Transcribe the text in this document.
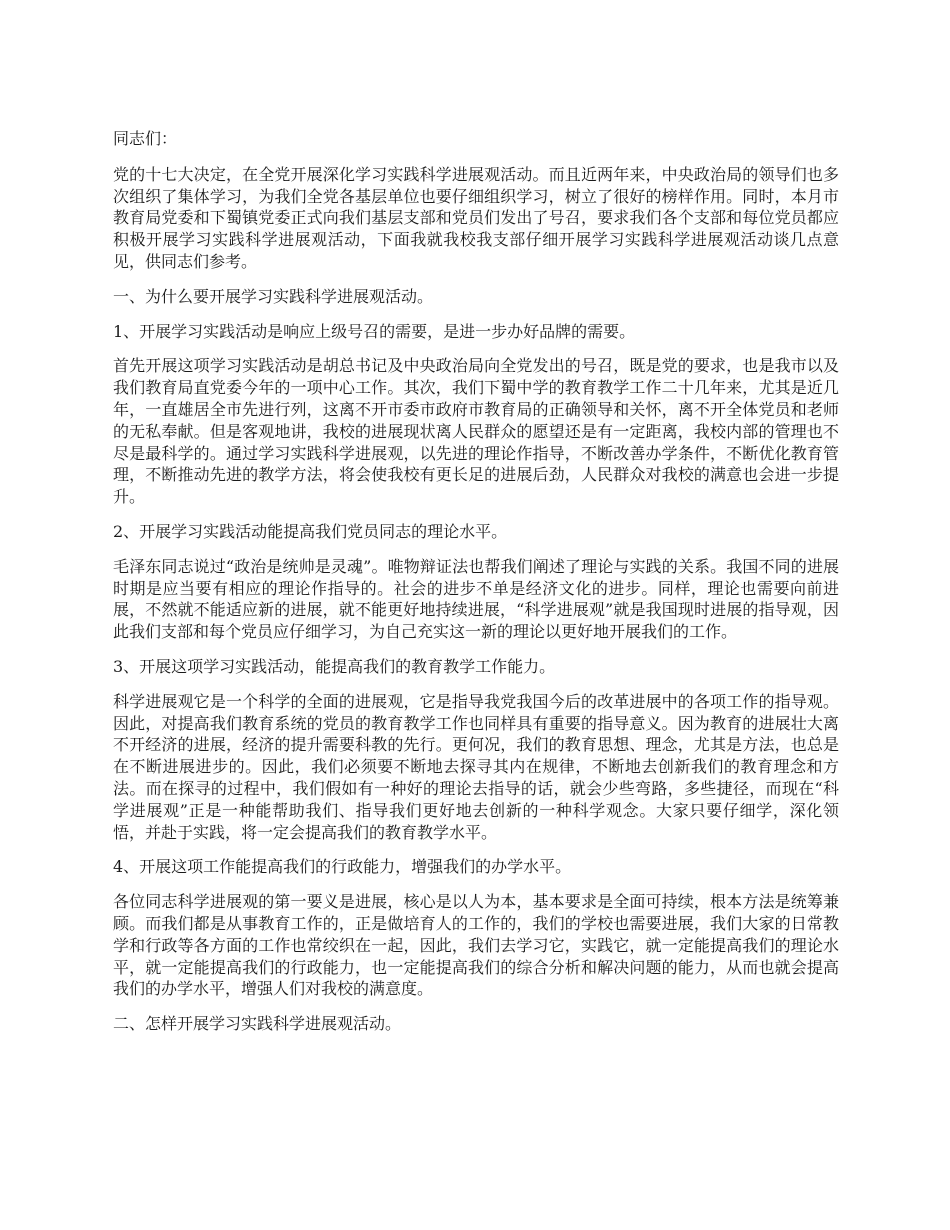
同志们：

党的十七大决定，在全党开展深化学习实践科学进展观活动。而且近两年来，中央政治局的领导们也多次组织了集体学习，为我们全党各基层单位也要仔细组织学习，树立了很好的榜样作用。同时，本月市教育局党委和下蜀镇党委正式向我们基层支部和党员们发出了号召，要求我们各个支部和每位党员都应积极开展学习实践科学进展观活动，下面我就我校我支部仔细开展学习实践科学进展观活动谈几点意见，供同志们参考。

一、为什么要开展学习实践科学进展观活动。

1、开展学习实践活动是响应上级号召的需要，是进一步办好品牌的需要。

首先开展这项学习实践活动是胡总书记及中央政治局向全党发出的号召，既是党的要求，也是我市以及我们教育局直党委今年的一项中心工作。其次，我们下蜀中学的教育教学工作二十几年来，尤其是近几年，一直雄居全市先进行列，这离不开市委市政府市教育局的正确领导和关怀，离不开全体党员和老师的无私奉献。但是客观地讲，我校的进展现状离人民群众的愿望还是有一定距离，我校内部的管理也不尽是最科学的。通过学习实践科学进展观，以先进的理论作指导，不断改善办学条件，不断优化教育管理，不断推动先进的教学方法，将会使我校有更长足的进展后劲，人民群众对我校的满意也会进一步提升。

2、开展学习实践活动能提高我们党员同志的理论水平。

毛泽东同志说过“政治是统帅是灵魂”。唯物辩证法也帮我们阐述了理论与实践的关系。我国不同的进展时期是应当要有相应的理论作指导的。社会的进步不单是经济文化的进步。同样，理论也需要向前进展，不然就不能适应新的进展，就不能更好地持续进展，“科学进展观”就是我国现时进展的指导观，因此我们支部和每个党员应仔细学习，为自己充实这一新的理论以更好地开展我们的工作。

3、开展这项学习实践活动，能提高我们的教育教学工作能力。

科学进展观它是一个科学的全面的进展观，它是指导我党我国今后的改革进展中的各项工作的指导观。因此，对提高我们教育系统的党员的教育教学工作也同样具有重要的指导意义。因为教育的进展壮大离不开经济的进展，经济的提升需要科教的先行。更何况，我们的教育思想、理念，尤其是方法，也总是在不断进展进步的。因此，我们必须要不断地去探寻其内在规律，不断地去创新我们的教育理念和方法。而在探寻的过程中，我们假如有一种好的理论去指导的话，就会少些弯路，多些捷径，而现在“科学进展观”正是一种能帮助我们、指导我们更好地去创新的一种科学观念。大家只要仔细学，深化领悟，并赴于实践，将一定会提高我们的教育教学水平。

4、开展这项工作能提高我们的行政能力，增强我们的办学水平。

各位同志科学进展观的第一要义是进展，核心是以人为本，基本要求是全面可持续，根本方法是统筹兼顾。而我们都是从事教育工作的，正是做培育人的工作的，我们的学校也需要进展，我们大家的日常教学和行政等各方面的工作也常绞织在一起，因此，我们去学习它，实践它，就一定能提高我们的理论水平，就一定能提高我们的行政能力，也一定能提高我们的综合分析和解决问题的能力，从而也就会提高我们的办学水平，增强人们对我校的满意度。

二、怎样开展学习实践科学进展观活动。
